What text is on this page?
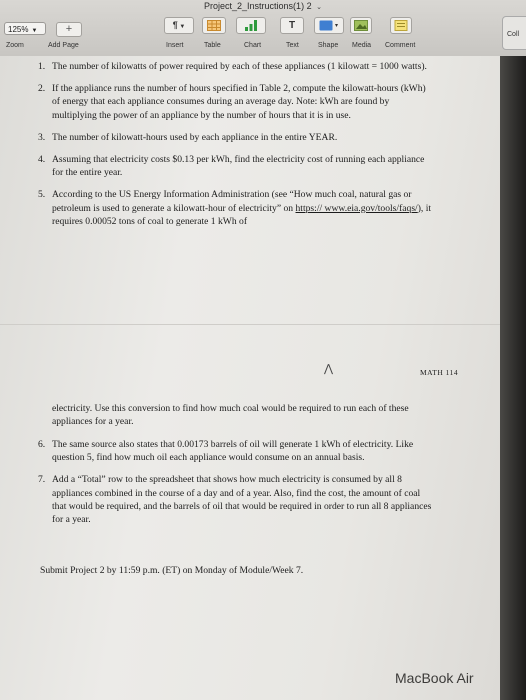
Project_2_Instructions(1) 2 ⌄
125% ▼
Zoom
+
Add Page
¶ ▼
Insert	Table	Chart
T
Text	Shape Media Comment
Coll
1. The number of kilowatts of power required by each of these appliances (1 kilowatt = 1000 watts).
2. If the appliance runs the number of hours specified in Table 2, compute the kilowatt-hours (kWh) of energy that each appliance consumes during an average day. Note: kWh are found by multiplying the power of an appliance by the number of hours that it is in use.
3. The number of kilowatt-hours used by each appliance in the entire YEAR.
4. Assuming that electricity costs $0.13 per kWh, find the electricity cost of running each appliance for the entire year.
5. According to the US Energy Information Administration (see “How much coal, natural gas or petroleum is used to generate a kilowatt-hour of electricity” on https:// www.eia.gov/tools/faqs/), it requires 0.00052 tons of coal to generate 1 kWh of
⋀	MATH 114
electricity. Use this conversion to find how much coal would be required to run each of these appliances for a year.
6. The same source also states that 0.00173 barrels of oil will generate 1 kWh of electricity. Like question 5, find how much oil each appliance would consume on an annual basis.
7. Add a “Total” row to the spreadsheet that shows how much electricity is consumed by all 8 appliances combined in the course of a day and of a year. Also, find the cost, the amount of coal that would be required, and the barrels of oil that would be required in order to run all 8 appliances for a year.
Submit Project 2 by 11:59 p.m. (ET) on Monday of Module/Week 7.
MacBook Air
